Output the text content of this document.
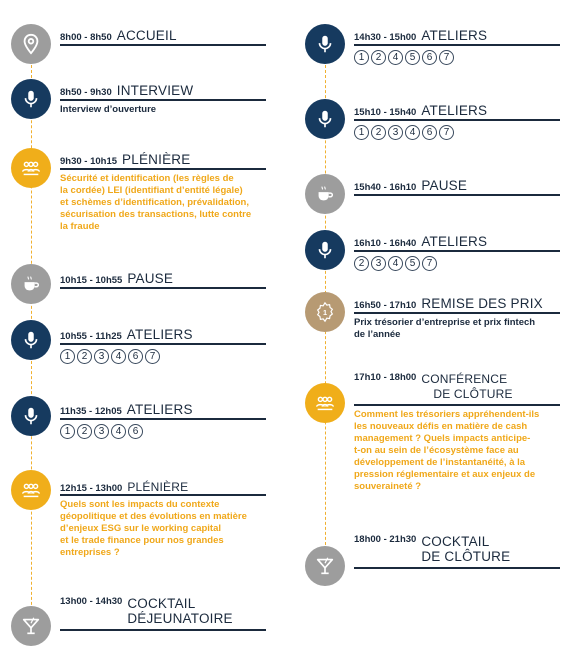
8h00 - 8h50 ACCUEIL
8h50 - 9h30 INTERVIEW
Interview d’ouverture
9h30 - 10h15 PLÉNIÈRE
Sécurité et identification (les règles de
la cordée) LEI (identifiant d’entité légale)
et schèmes d’identification, prévalidation,
sécurisation des transactions, lutte contre
la fraude
10h15 - 10h55 PAUSE
10h55 - 11h25 ATELIERS
1	2	3	4	6	7
11h35 - 12h05 ATELIERS
1	2	3	4	6
12h15 - 13h00 PLÉNIÈRE
Quels sont les impacts du contexte
géopolitique et des évolutions en matière
d’enjeux ESG sur le working capital
et le trade finance pour nos grandes
entreprises ?
$^{13h00 - 14h30}$ COCKTAIL
DÉJEUNATOIRE
14h30 - 15h00 ATELIERS
1	2	4	5	6	7
15h10 - 15h40 ATELIERS
1	2	3	4	6	7
15h40 - 16h10 PAUSE
16h10 - 16h40 ATELIERS
2	3	4	5	7
1
16h50 - 17h10 REMISE DES PRIX
Prix trésorier d’entreprise et prix fintech
de l’année
$^{17h10 - 18h00}$ CONFÉRENCE
DE CLÔTURE
Comment les trésoriers appréhendent-ils
les nouveaux défis en matière de cash
management ? Quels impacts anticipe-
t-on au sein de l’écosystème face au
développement de l’instantanéité, à la
pression réglementaire et aux enjeux de
souveraineté ?
$^{18h00 - 21h30}$ COCKTAIL
DE CLÔTURE
